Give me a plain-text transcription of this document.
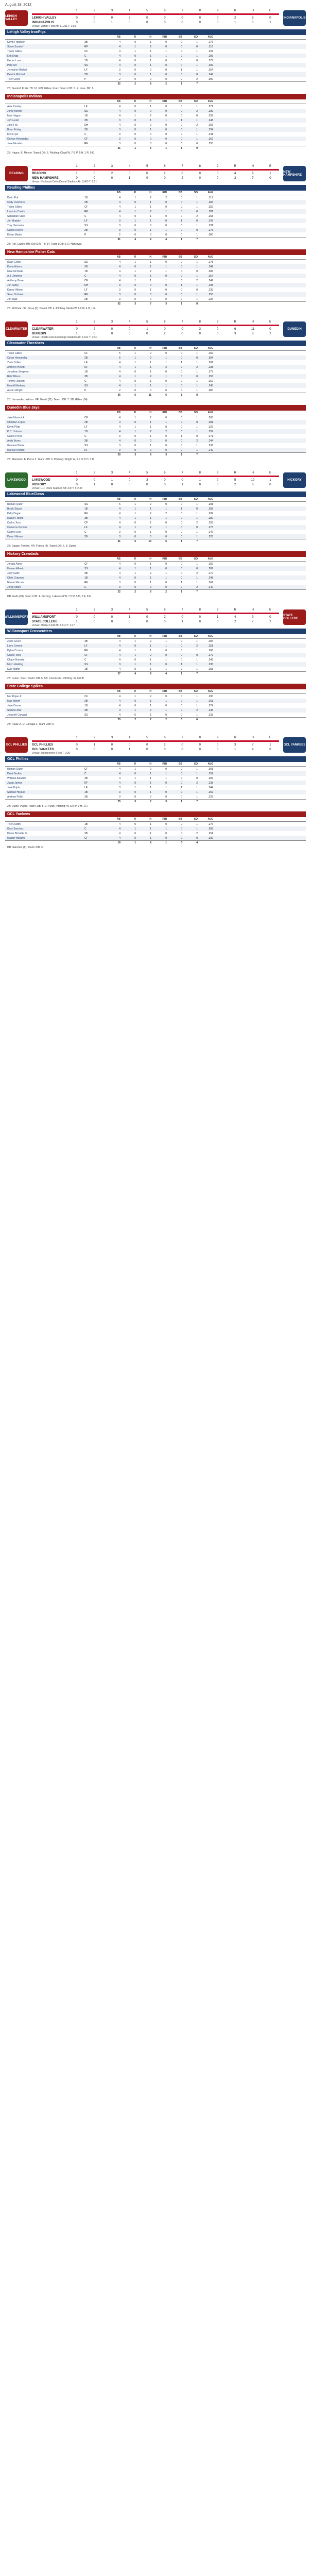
August 18, 2012
LEHIGH VALLEY
1	2	3	4	5	6	7	8	9	R	H	E
LEHIGH VALLEY	0	0	0	2	0	0	0	0	0	2	8	0
INDIANAPOLIS	0	0	1	0	0	0	0	0	0	1	5	1
Venue: Victory Field Att: 11,211 T: 2:38
INDIANAPOLIS
Lehigh Valley IronPigs
AB	R	H	RBI	BB	SO	AVG
Kevin Frandsen	3B	4	0	1	0	0	1	.276
Steve Susdorf	RF	4	1	2	0	0	0	.316
Tyson Gillies	CF	4	1	1	1	0	1	.232
Erik Kratz	C	4	0	1	1	0	1	.289
Hector Luna	1B	4	0	1	0	0	0	.277
Pete Orr	SS	4	0	1	0	0	1	.292
Jermaine Mitchell	LF	3	0	0	0	1	1	.254
Derrick Mitchell	2B	3	0	1	0	0	0	.247
Tyler Cloyd	P	2	0	0	0	0	2	.000
32	2	8	2	1	7
2B: Susdorf, Kratz. TB: 10. RBI: Gillies, Kratz. Team LOB: 6. E: none. DP: 1.
Indianapolis Indians
AB	R	H	RBI	BB	SO	AVG
Alex Presley	LF	4	0	1	0	0	1	.271
Jordy Mercer	SS	4	0	0	0	0	2	.289
Matt Hague	1B	4	1	2	0	0	0	.297
Jeff Larish	3B	3	0	1	1	1	1	.248
Jake Fox	DH	4	0	0	0	0	2	.256
Brian Friday	2B	3	0	1	0	0	1	.234
Eric Fryer	C	3	0	0	0	0	1	.241
Gorkys Hernandez	CF	3	0	0	0	0	1	.262
Jose Morales	RF	3	0	0	0	0	0	.255
31	1	5	1	1	9
2B: Hague. E: Mercer. Team LOB: 5. Pitching: Cloyd W, 7.0 IP, 5 H, 1 R, 9 K.
READING
1	2	3	4	5	6	7	8	9	R	H	E
READING	1	0	2	0	0	1	0	0	0	4	9	1
NEW HAMPSHIRE	0	0	0	1	0	0	2	0	0	3	7	0
Venue: Northeast Delta Dental Stadium Att: 6,455 T: 2:51
NEW HAMPSHIRE
Reading Phillies
AB	R	H	RBI	BB	SO	AVG
Darin Ruf	1B	4	1	2	2	0	1	.317
Cody Overbeck	3B	4	0	1	0	0	1	.284
Tyson Gillies	CF	4	1	1	0	0	1	.252
Leandro Castro	RF	4	1	2	1	0	0	.281
Sebastian Valle	C	4	0	1	0	0	2	.268
Jim Murphy	LF	3	1	1	0	1	0	.247
Troy Hanzawa	SS	3	0	0	0	0	1	.231
Carlos Rivero	2B	3	0	1	1	0	0	.275
Ethan Martin	P	2	0	0	0	0	1	.000
31	4	9	4	1	7
2B: Ruf, Castro. HR: Ruf (24). TB: 14. Team LOB: 5. E: Hanzawa.
New Hampshire Fisher Cats
AB	R	H	RBI	BB	SO	AVG
Ryan Goins	SS	4	1	1	0	0	1	.278
Kevin Ahrens	3B	4	0	1	1	0	1	.242
Mike McDade	1B	4	1	2	1	0	0	.286
A.J. Jimenez	C	4	0	1	0	0	1	.257
Anthony Gose	CF	4	1	1	1	0	2	.249
Jon Talley	DH	3	0	0	0	1	1	.238
Kenny Wilson	LF	3	0	1	0	0	0	.233
Sean Ochinko	RF	3	0	0	0	0	1	.250
Jon Diaz	2B	3	0	0	0	0	1	.226
32	3	7	3	1	8
2B: McDade. HR: Gose (5). Team LOB: 4. Pitching: Martin W, 6.0 IP, 4 H, 1 R.
CLEARWATER
1	2	3	4	5	6	7	8	9	R	H	E
CLEARWATER	0	2	0	0	1	0	0	3	0	6	11	0
DUNEDIN	1	0	0	0	0	2	0	0	0	3	8	2
Venue: Florida Auto Exchange Stadium Att: 1,102 T: 2:44
DUNEDIN
Clearwater Threshers
AB	R	H	RBI	BB	SO	AVG
Tyson Gillies	CF	5	1	2	0	0	1	.269
Cesar Hernandez	2B	5	1	2	1	0	0	.304
Zach Collier	LF	4	1	1	1	1	1	.261
Anthony Hewitt	RF	4	1	1	2	0	2	.238
Jonathan Singleton	1B	4	0	1	0	0	1	.277
Rob Wilson	3B	4	1	2	1	0	0	.255
Tommy Joseph	C	4	0	1	0	0	1	.262
Harold Martinez	SS	4	1	1	1	0	1	.243
Austin Wright	P	2	0	0	0	0	1	.000
36	6	11	6	1	8
2B: Hernandez, Wilson. HR: Hewitt (11). Team LOB: 7. SB: Gillies (14).
Dunedin Blue Jays
AB	R	H	RBI	BB	SO	AVG
Jake Marisnick	CF	4	1	2	0	0	1	.263
Christian Lopes	2B	4	0	1	1	0	0	.281
Kevin Pillar	LF	4	1	1	0	0	1	.322
K.C. Hobson	1B	4	1	2	2	0	1	.259
Carlos Perez	C	3	0	1	0	1	0	.271
Andy Burns	3B	4	0	0	0	0	2	.244
Gustavo Pierre	SS	3	0	1	0	0	1	.236
Marcus Knecht	RF	3	0	0	0	0	1	.249
29	3	8	3	1	7
2B: Marisnick. E: Pierre 2. Team LOB: 5. Pitching: Wright W, 6.0 IP, 6 H, 3 R.
LAKEWOOD
1	2	3	4	5	6	7	8	9	R	H	E
LAKEWOOD	0	0	1	0	3	0	0	1	0	5	10	1
HICKORY	0	1	0	0	0	0	1	0	0	2	6	0
Venue: L.P. Frans Stadium Att: 3,877 T: 2:35
HICKORY
Lakewood BlueClaws
AB	R	H	RBI	BB	SO	AVG
Roman Quinn	SS	5	1	2	0	0	1	.281
Brock Stassi	1B	4	1	1	1	1	0	.268
Kelly Dugan	RF	4	1	2	2	0	1	.299
Maikel Franco	3B	4	1	1	1	0	1	.280
Carlos Tocci	CF	4	0	1	0	0	2	.256
Cameron Perkins	LF	4	1	2	1	0	0	.273
Gabriel Lino	C	3	0	1	0	0	1	.247
Drew Hillman	2B	3	0	0	0	0	1	.228
31	5	10	5	1	7
2B: Dugan, Perkins. HR: Franco (9). Team LOB: 6. E: Quinn.
Hickory Crawdads
AB	R	H	RBI	BB	SO	AVG
Jordan Akins	CF	4	0	1	0	0	1	.259
Hanser Alberto	SS	4	1	1	0	0	0	.287
Joey Gallo	3B	4	1	2	1	0	2	.272
Chris Grayson	1B	4	0	1	1	0	1	.248
Nomar Mazara	RF	3	0	1	0	1	1	.262
Jorge Alfaro	C	3	0	0	0	0	2	.240
22	2	6	2	1	7
HR: Gallo (28). Team LOB: 4. Pitching: Lakewood W, 7.0 IP, 5 H, 2 R, 8 K.
WILLIAMSPORT
1	2	3	4	5	6	7	8	9	R	H	E
WILLIAMSPORT	0	0	0	1	0	2	0	0	1	4	9	0
STATE COLLEGE	1	0	0	0	0	0	1	0	0	2	7	2
Venue: Medlar Field Att: 5,014 T: 2:47
STATE COLLEGE
Williamsport Crosscutters
AB	R	H	RBI	BB	SO	AVG
Zach Green	3B	4	1	2	1	0	1	.284
Larry Greene	LF	4	0	1	1	0	2	.251
Dylan Cozens	RF	4	1	1	0	0	1	.266
Carlos Tocci	CF	4	1	2	0	0	0	.279
Chace Numata	C	4	0	1	1	0	1	.243
Mitch Walding	SS	3	1	1	0	1	1	.235
Kyle Martin	1B	4	0	1	1	0	1	.258
27	4	9	4	1	7
2B: Green, Tocci. Team LOB: 6. SB: Cozens (6). Pitching: W, 6.0 IP.
State College Spikes
AB	R	H	RBI	BB	SO	AVG
Mel Rojas Jr.	CF	4	1	2	0	0	1	.290
Max Moroff	2B	4	0	1	1	0	1	.261
Jose Osuna	1B	4	0	1	0	0	1	.274
Stetson Allie	3B	4	1	2	1	0	2	.246
Jodaneli Carvajal	SS	4	0	1	0	0	1	.233
20	2	7	2	0	6
2B: Rojas Jr. E: Carvajal 2. Team LOB: 6.
GCL PHILLIES
1	2	3	4	5	6	7	8	9	R	H	E
GCL PHILLIES	0	1	0	0	0	2	0	0	0	3	7	1
GCL YANKEES	0	0	0	1	0	0	0	0	0	1	4	0
Venue: Steinbrenner Field T: 2:30
GCL YANKEES
GCL Phillies
AB	R	H	RBI	BB	SO	AVG
Roman Quinn	CF	4	1	2	0	0	1	.301
Deivi Grullon	C	4	0	1	1	0	1	.252
Willians Astudillo	3B	4	1	1	1	0	0	.287
Jiwan James	RF	4	0	1	0	0	2	.238
Jose Pujols	LF	3	1	1	1	1	1	.244
Samuel Hiciano	1B	3	0	1	0	0	1	.259
Andrew Pullin	2B	3	0	0	0	0	1	.229
25	3	7	3	1	7
2B: Quinn, Pujols. Team LOB: 5. E: Pullin. Pitching: W, 5.0 IP, 3 H, 1 R.
GCL Yankees
AB	R	H	RBI	BB	SO	AVG
Tyler Austin	1B	4	0	1	0	0	1	.276
Gary Sanchez	C	4	1	1	1	0	1	.268
Dante Bichette Jr.	3B	4	0	1	0	0	2	.251
Mason Williams	CF	4	0	1	0	0	0	.292
16	1	4	1	0	4
HR: Sanchez (8). Team LOB: 3.
